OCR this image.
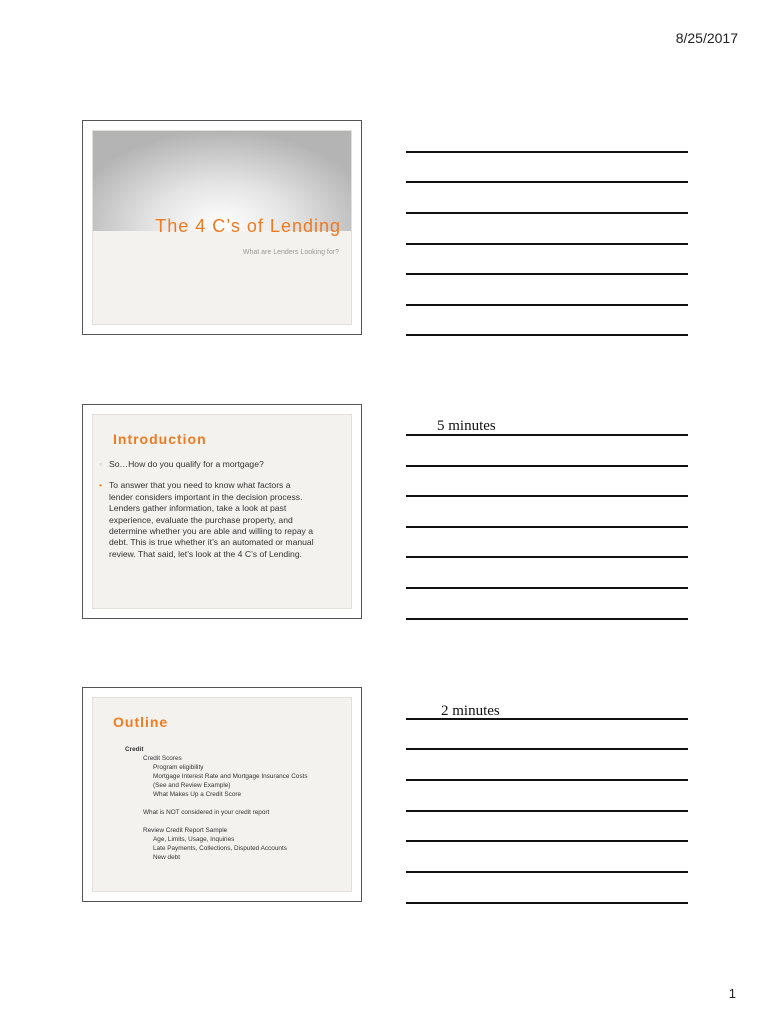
8/25/2017
The 4 C’s of Lending
What are Lenders Looking for?
Introduction
◦ So…How do you qualify for a mortgage?
• To answer that you need to know what factors a lender considers important in the decision process. Lenders gather information, take a look at past experience, evaluate the purchase property, and determine whether you are able and willing to repay a debt. This is true whether it’s an automated or manual review. That said, let’s look at the 4 C’s of Lending.
Outline
Credit
Credit Scores
Program eligibility
Mortgage Interest Rate and Mortgage Insurance Costs
(See and Review Example)
What Makes Up a Credit Score
What is NOT considered in your credit report
Review Credit Report Sample
Age, Limits, Usage, Inquiries
Late Payments, Collections, Disputed Accounts
New debt
5 minutes
2 minutes
1
